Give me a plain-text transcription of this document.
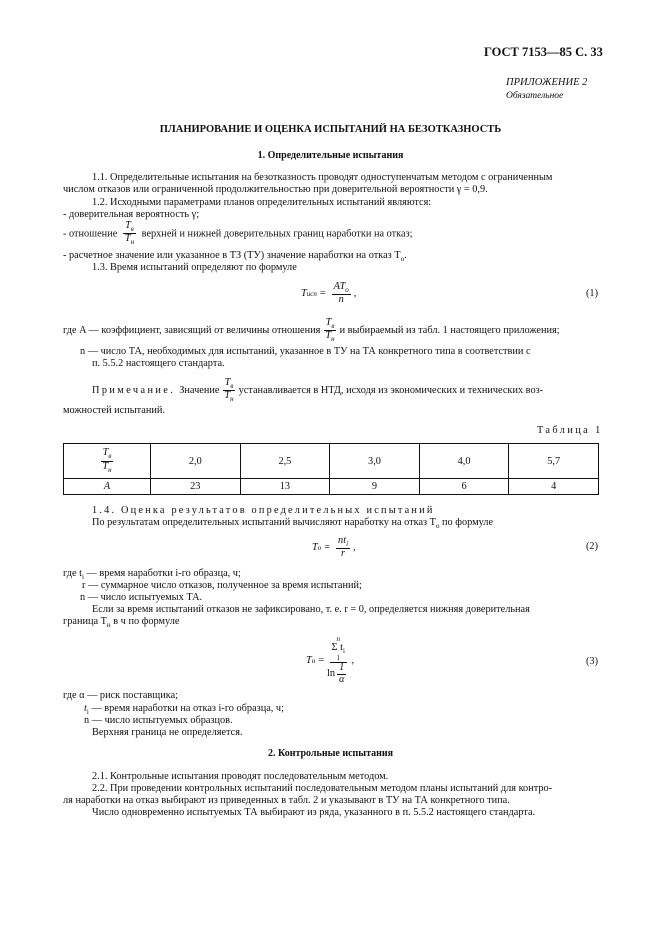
ГОСТ 7153—85 С. 33
ПРИЛОЖЕНИЕ 2
Обязательное
ПЛАНИРОВАНИЕ И ОЦЕНКА ИСПЫТАНИЙ НА БЕЗОТКАЗНОСТЬ
1. Определительные испытания
1.1. Определительные испытания на безотказность проводят одноступенчатым методом с ограниченным
числом отказов или ограниченной продолжительностью при доверительной вероятности γ = 0,9.
1.2. Исходными параметрами планов определительных испытаний являются:
- доверительная вероятность γ;
- отношение $\frac{T_в}{T_н}$ верхней и нижней доверительных границ наработки на отказ;
- расчетное значение или указанное в ТЗ (ТУ) значение наработки на отказ $T_о$.
1.3. Время испытаний определяют по формуле
T исп = $\frac{AT_о}{n}$ ,	(1)
где A — коэффициент, зависящий от величины отношения $\frac{T_в}{T_н}$ и выбираемый из табл. 1 настоящего приложения;
n — число ТА, необходимых для испытаний, указанное в ТУ на ТА конкретного типа в соответствии с
п. 5.5.2 настоящего стандарта.
Примечание. Значение $\frac{T_в}{T_н}$ устанавливается в НТД, исходя из экономических и технических воз-
можностей испытаний.
Таблица 1
$\frac{T_в}{T_н}$	2,0	2,5	3,0	4,0	5,7
A	23	13	9	6	4
1.4. Оценка результатов определительных испытаний
По результатам определительных испытаний вычисляют наработку на отказ $T_о$ по формуле
T $о = \frac{nt_i}{r}$ ,	(2)
где $t_i$ — время наработки i-го образца, ч;
r — суммарное число отказов, полученное за время испытаний;
n — число испытуемых ТА.
Если за время испытаний отказов не зафиксировано, т. е. r = 0, определяется нижняя доверительная
граница $T_н$ в ч по формуле
T н = n
Σ $t_i$
1
$\ln \frac{1}{\alpha}$ ,	(3)
где α — риск поставщика;
$t_i$ — время наработки на отказ i-го образца, ч;
n — число испытуемых образцов.
Верхняя граница не определяется.
2. Контрольные испытания
2.1. Контрольные испытания проводят последовательным методом.
2.2. При проведении контрольных испытаний последовательным методом планы испытаний для контро-
ля наработки на отказ выбирают из приведенных в табл. 2 и указывают в ТУ на ТА конкретного типа.
Число одновременно испытуемых ТА выбирают из ряда, указанного в п. 5.5.2 настоящего стандарта.
